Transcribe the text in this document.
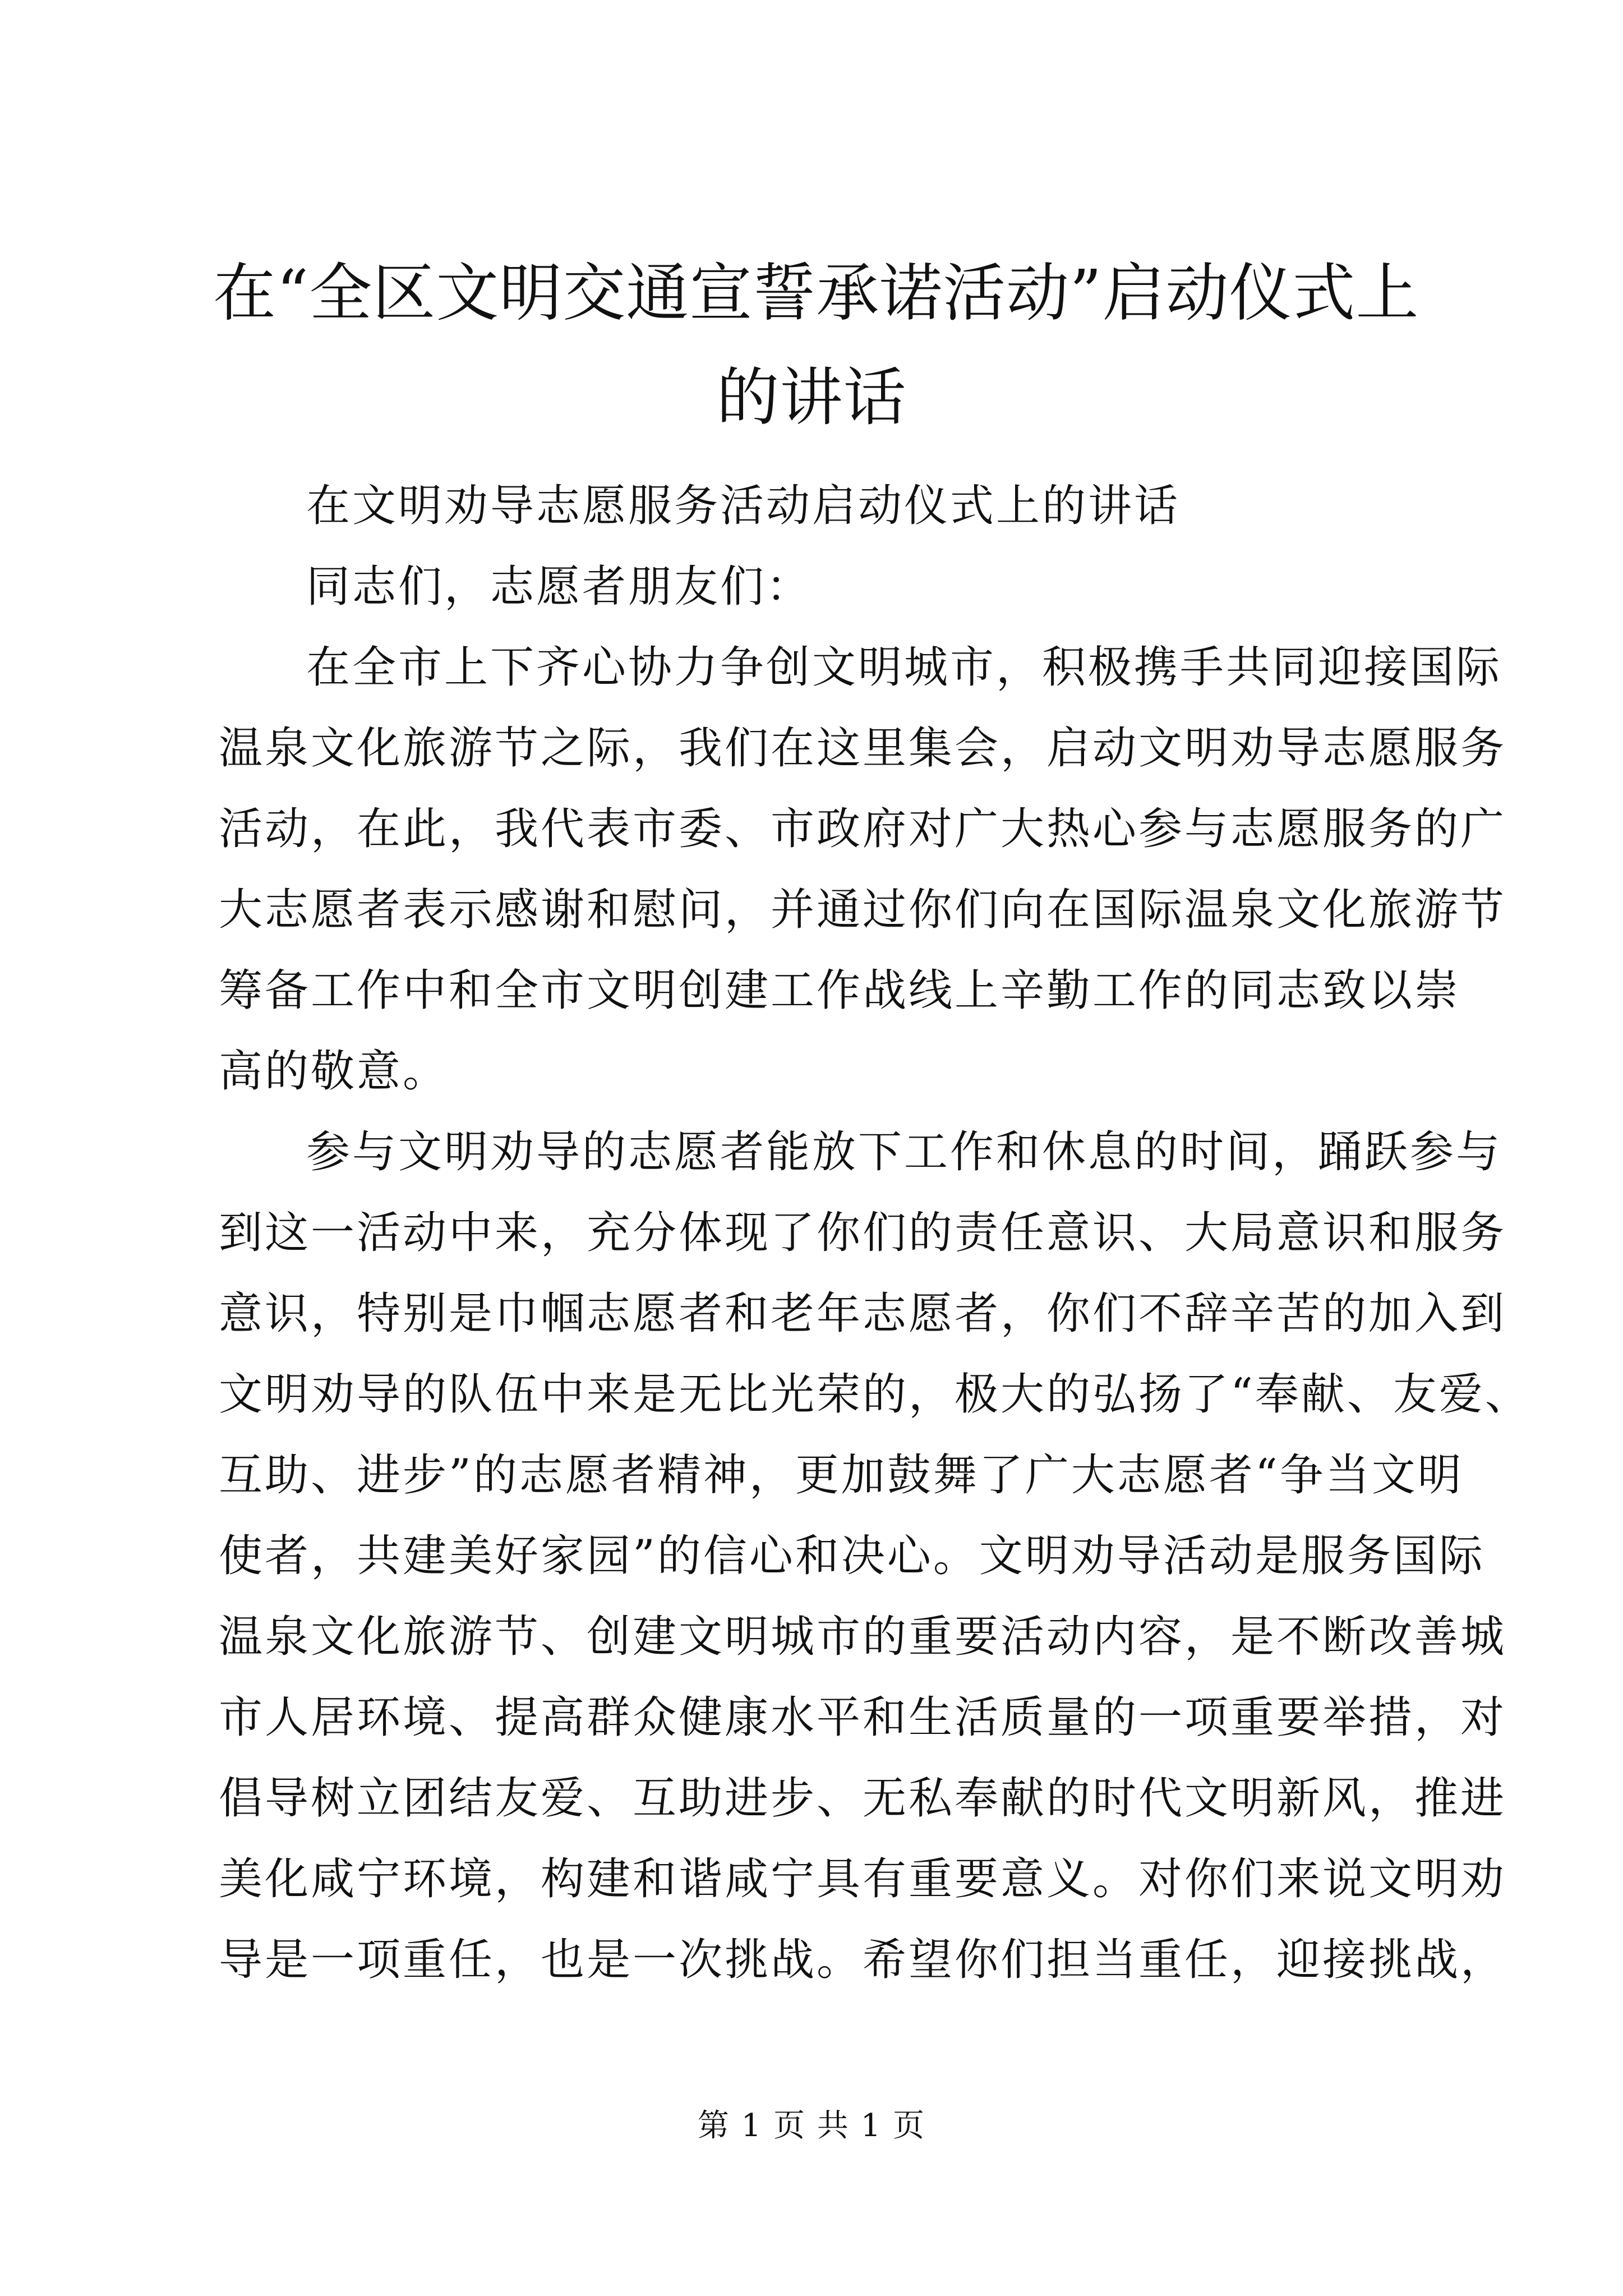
在“全区文明交通宣誓承诺活动”启动仪式上
的讲话

在文明劝导志愿服务活动启动仪式上的讲话

同志们，志愿者朋友们：

在全市上下齐心协力争创文明城市，积极携手共同迎接国际
温泉文化旅游节之际，我们在这里集会，启动文明劝导志愿服务
活动，在此，我代表市委、市政府对广大热心参与志愿服务的广
大志愿者表示感谢和慰问，并通过你们向在国际温泉文化旅游节
筹备工作中和全市文明创建工作战线上辛勤工作的同志致以崇
高的敬意。
参与文明劝导的志愿者能放下工作和休息的时间，踊跃参与
到这一活动中来，充分体现了你们的责任意识、大局意识和服务
意识，特别是巾帼志愿者和老年志愿者，你们不辞辛苦的加入到
文明劝导的队伍中来是无比光荣的，极大的弘扬了“奉献、友爱、
互助、进步”的志愿者精神，更加鼓舞了广大志愿者“争当文明
使者，共建美好家园”的信心和决心。文明劝导活动是服务国际
温泉文化旅游节、创建文明城市的重要活动内容，是不断改善城
市人居环境、提高群众健康水平和生活质量的一项重要举措，对
倡导树立团结友爱、互助进步、无私奉献的时代文明新风，推进
美化咸宁环境，构建和谐咸宁具有重要意义。对你们来说文明劝
导是一项重任，也是一次挑战。希望你们担当重任，迎接挑战，
第 1 页 共 1 页
